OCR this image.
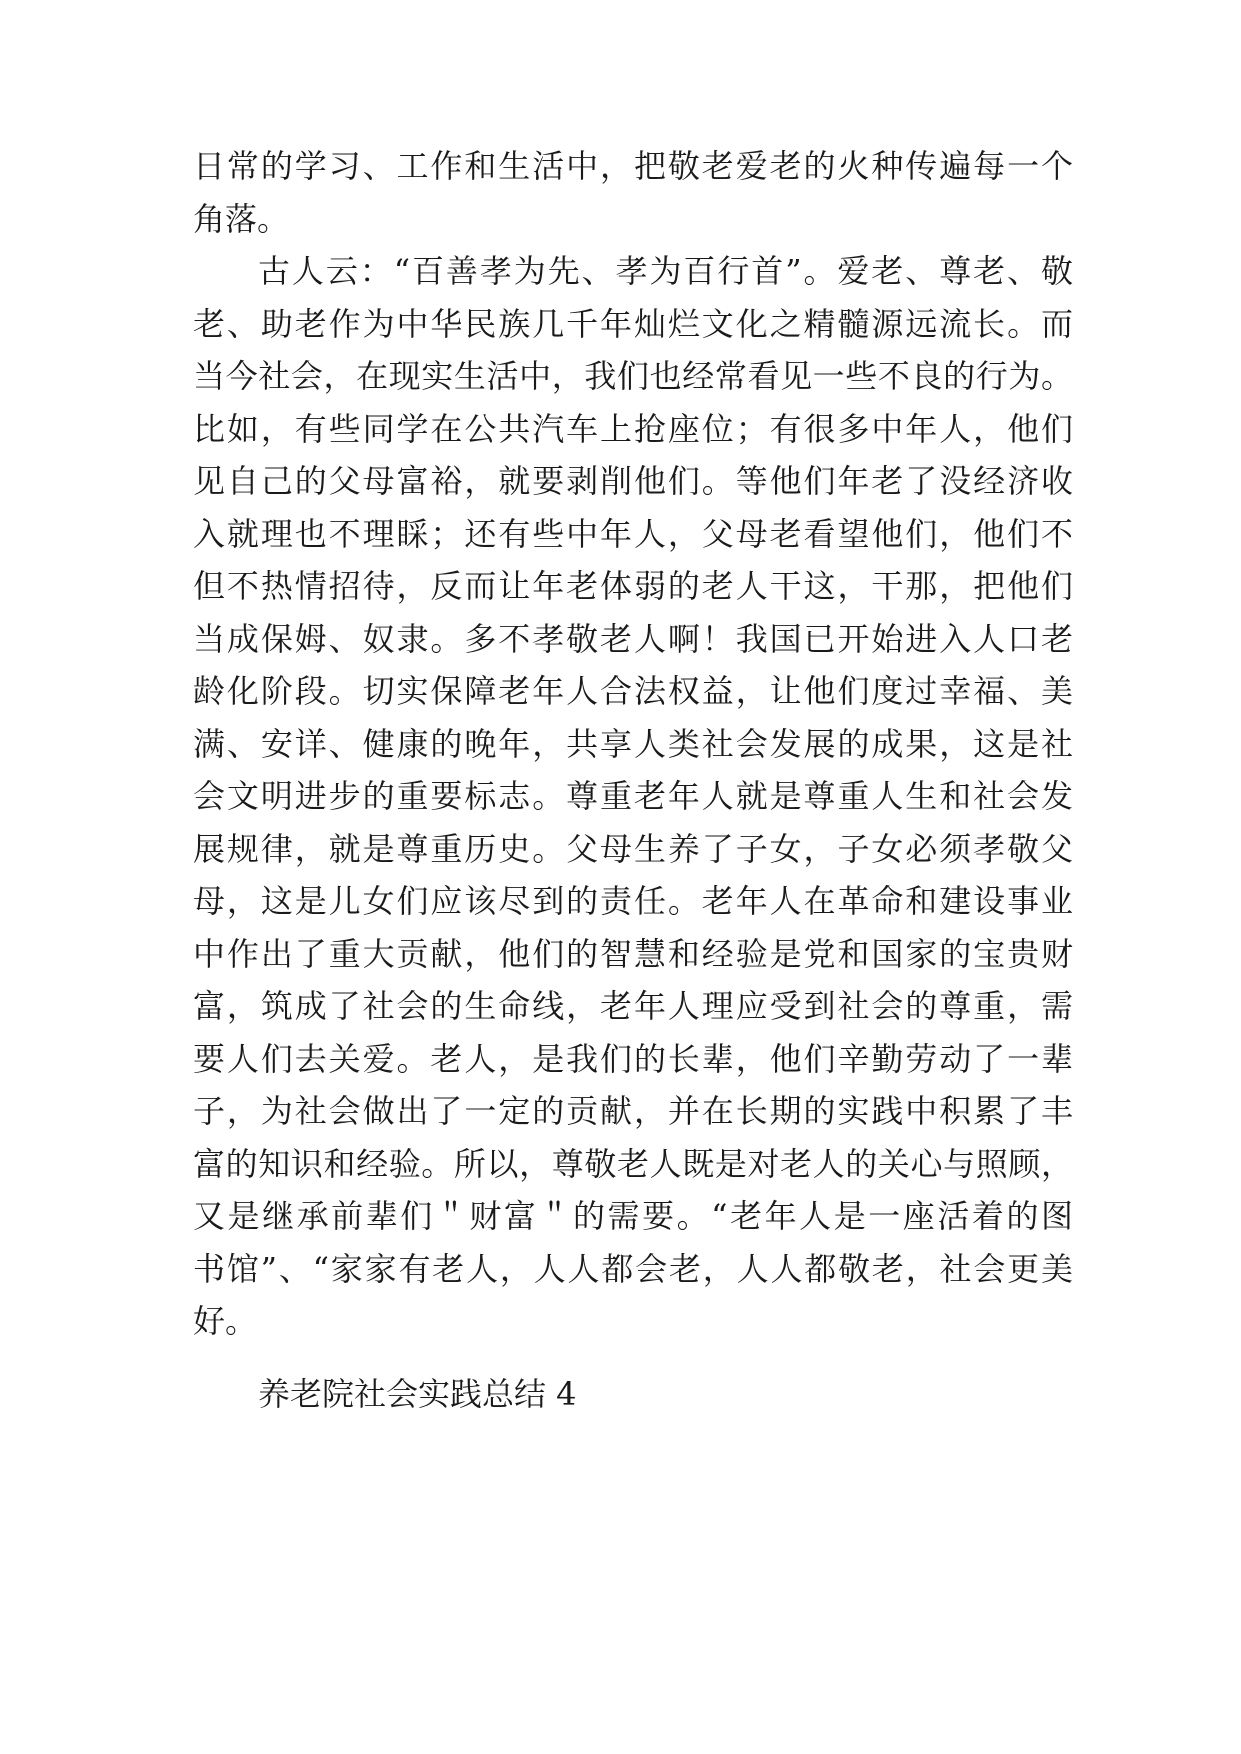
日常的学习、工作和生活中，把敬老爱老的火种传遍每一个
角落。
古人云：“百善孝为先、孝为百行首”。爱老、尊老、敬
老、助老作为中华民族几千年灿烂文化之精髓源远流长。而
当今社会，在现实生活中，我们也经常看见一些不良的行为。
比如，有些同学在公共汽车上抢座位；有很多中年人，他们
见自己的父母富裕，就要剥削他们。等他们年老了没经济收
入就理也不理睬；还有些中年人，父母老看望他们，他们不
但不热情招待，反而让年老体弱的老人干这，干那，把他们
当成保姆、奴隶。多不孝敬老人啊！我国已开始进入人口老
龄化阶段。切实保障老年人合法权益，让他们度过幸福、美
满、安详、健康的晚年，共享人类社会发展的成果，这是社
会文明进步的重要标志。尊重老年人就是尊重人生和社会发
展规律，就是尊重历史。父母生养了子女，子女必须孝敬父
母，这是儿女们应该尽到的责任。老年人在革命和建设事业
中作出了重大贡献，他们的智慧和经验是党和国家的宝贵财
富，筑成了社会的生命线，老年人理应受到社会的尊重，需
要人们去关爱。老人，是我们的长辈，他们辛勤劳动了一辈
子，为社会做出了一定的贡献，并在长期的实践中积累了丰
富的知识和经验。所以，尊敬老人既是对老人的关心与照顾，
又是继承前辈们＂财富＂的需要。“老年人是一座活着的图
书馆”、“家家有老人，人人都会老，人人都敬老，社会更美
好。
养老院社会实践总结 4
